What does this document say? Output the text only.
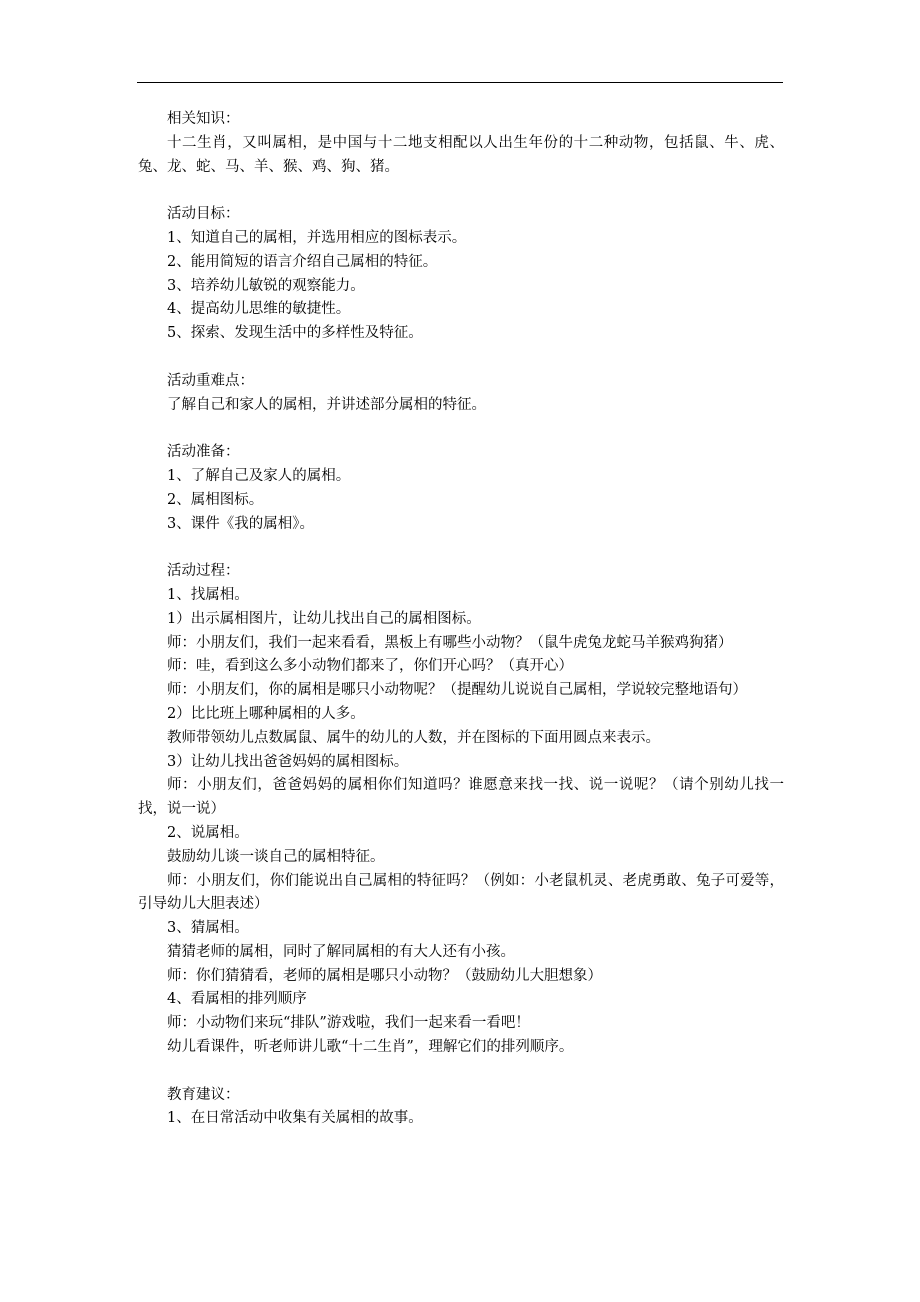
相关知识：

十二生肖，又叫属相，是中国与十二地支相配以人出生年份的十二种动物，包括鼠、牛、虎、兔、龙、蛇、马、羊、猴、鸡、狗、猪。

活动目标：
1、知道自己的属相，并选用相应的图标表示。
2、能用简短的语言介绍自己属相的特征。
3、培养幼儿敏锐的观察能力。
4、提高幼儿思维的敏捷性。
5、探索、发现生活中的多样性及特征。
活动重难点：
了解自己和家人的属相，并讲述部分属相的特征。
活动准备：
1、了解自己及家人的属相。
2、属相图标。
3、课件《我的属相》。
活动过程：
1、找属相。
1）出示属相图片，让幼儿找出自己的属相图标。
师：小朋友们，我们一起来看看，黑板上有哪些小动物？（鼠牛虎兔龙蛇马羊猴鸡狗猪）
师：哇，看到这么多小动物们都来了，你们开心吗？（真开心）

师：小朋友们，你的属相是哪只小动物呢？（提醒幼儿说说自己属相，学说较完整地语句）

2）比比班上哪种属相的人多。
教师带领幼儿点数属鼠、属牛的幼儿的人数，并在图标的下面用圆点来表示。
3）让幼儿找出爸爸妈妈的属相图标。

师：小朋友们，爸爸妈妈的属相你们知道吗？谁愿意来找一找、说一说呢？（请个别幼儿找一找，说一说）

2、说属相。
鼓励幼儿谈一谈自己的属相特征。

师：小朋友们，你们能说出自己属相的特征吗？（例如：小老鼠机灵、老虎勇敢、兔子可爱等，引导幼儿大胆表述）

3、猜属相。
猜猜老师的属相，同时了解同属相的有大人还有小孩。
师：你们猜猜看，老师的属相是哪只小动物？（鼓励幼儿大胆想象）
4、看属相的排列顺序
师：小动物们来玩“排队”游戏啦，我们一起来看一看吧！
幼儿看课件，听老师讲儿歌“十二生肖”，理解它们的排列顺序。
教育建议：
1、在日常活动中收集有关属相的故事。
